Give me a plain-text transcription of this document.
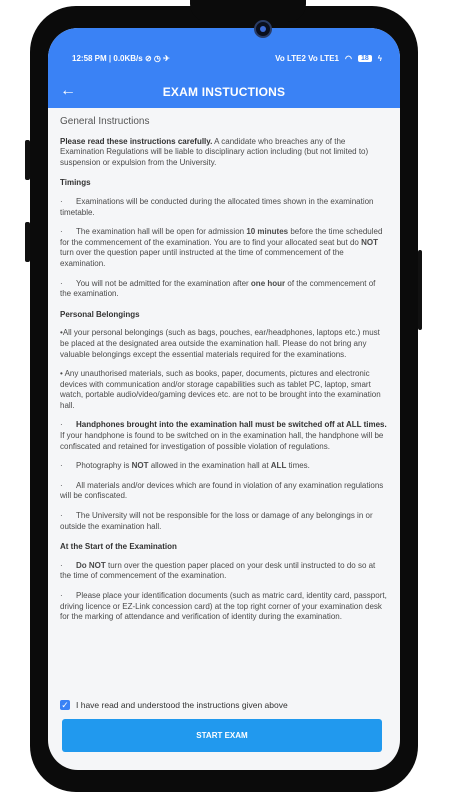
12:58 PM | 0.0KB/s ⊘ ◷ ✈	Vo LTE2 Vo LTE1 ◠	18	ϟ
←	EXAM INSTUCTIONS
General Instructions

Please read these instructions carefully. A candidate who breaches any of the Examination Regulations will be liable to disciplinary action including (but not limited to) suspension or expulsion from the University.

Timings

· Examinations will be conducted during the allocated times shown in the examination timetable.

· The examination hall will be open for admission 10 minutes before the time scheduled for the commencement of the examination. You are to find your allocated seat but do NOT turn over the question paper until instructed at the time of commencement of the examination.

· You will not be admitted for the examination after one hour of the commencement of the examination.

Personal Belongings

•All your personal belongings (such as bags, pouches, ear/headphones, laptops etc.) must be placed at the designated area outside the examination hall. Please do not bring any valuable belongings except the essential materials required for the examinations.

• Any unauthorised materials, such as books, paper, documents, pictures and electronic devices with communication and/or storage capabilities such as tablet PC, laptop, smart watch, portable audio/video/gaming devices etc. are not to be brought into the examination hall.

· Handphones brought into the examination hall must be switched off at ALL times. If your handphone is found to be switched on in the examination hall, the handphone will be confiscated and retained for investigation of possible violation of regulations.

· Photography is NOT allowed in the examination hall at ALL times.

· All materials and/or devices which are found in violation of any examination regulations will be confiscated.

· The University will not be responsible for the loss or damage of any belongings in or outside the examination hall.

At the Start of the Examination

· Do NOT turn over the question paper placed on your desk until instructed to do so at the time of commencement of the examination.

· Please place your identification documents (such as matric card, identity card, passport, driving licence or EZ-Link concession card) at the top right corner of your examination desk for the marking of attendance and verification of identity during the examination.

✓ I have read and understood the instructions given above
START EXAM
